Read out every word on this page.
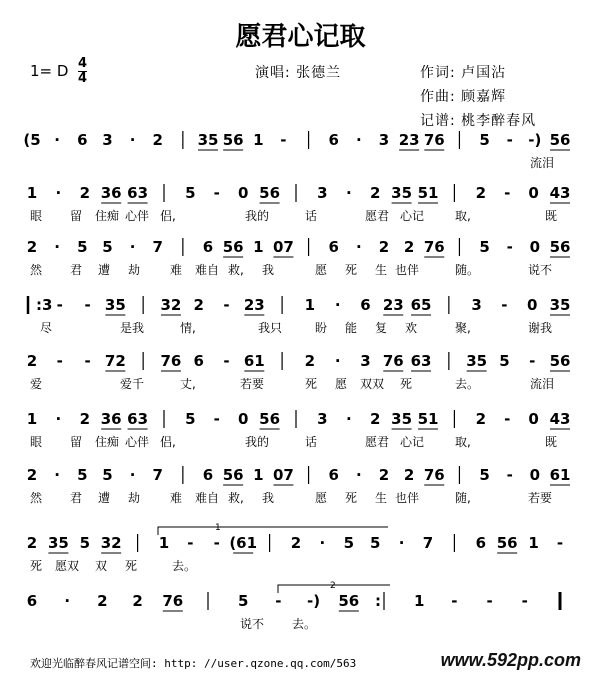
愿君心记取
1= D 4
4	演唱: 张德兰	作词: 卢国沾
作曲: 顾嘉辉
记谱: 桃李醉春风
(5 · 6 3 · 2 35 56 1 -	6 · 3 23 76 5 - -) 56
流泪
1 · 2 36 63 5 - 0 56 3 · 2 35 51 2 - 0 43
眼 留 住痴 心伴 侣,	我的	话	愿君 心记	取,	既
2 · 5 5 · 7	6 56 1 07 6 · 2 2 76 5 - 0 56
然 君 遭 劫 难 难自 救, 我	愿 死 生 也伴	随。	说不
:3 - - 35 32 2 - 23	1 · 6 23 65	3 - 0 35
尽	是我	情,	我只	盼 能 复 欢	聚,	谢我
2 - - 72 76 6 - 61	2 · 3 76 63 35 5 - 56
爱	爱千	丈,	若要	死 愿 双双 死	去。	流泪
1 · 2 36 63 5 - 0 56 3 · 2 35 51 2 - 0 43
眼 留 住痴 心伴 侣,	我的	话	愿君 心记	取,	既
2 · 5 5 · 7	6 56 1 07 6 · 2 2 76 5 - 0 61
然 君 遭 劫 难 难自 救, 我	愿 死 生 也伴	随,	若要
2 35 5 32 1 - - (61 2 · 5 5 · 7	6 56 1 -
死 愿双 双 死	去。
6 · 2 2 76	5 - -) 56 : 1 - - -
说不 去。
1
2
欢迎光临醉春风记谱空间: http: //user.qzone.qq.com/563	www.592pp.com
